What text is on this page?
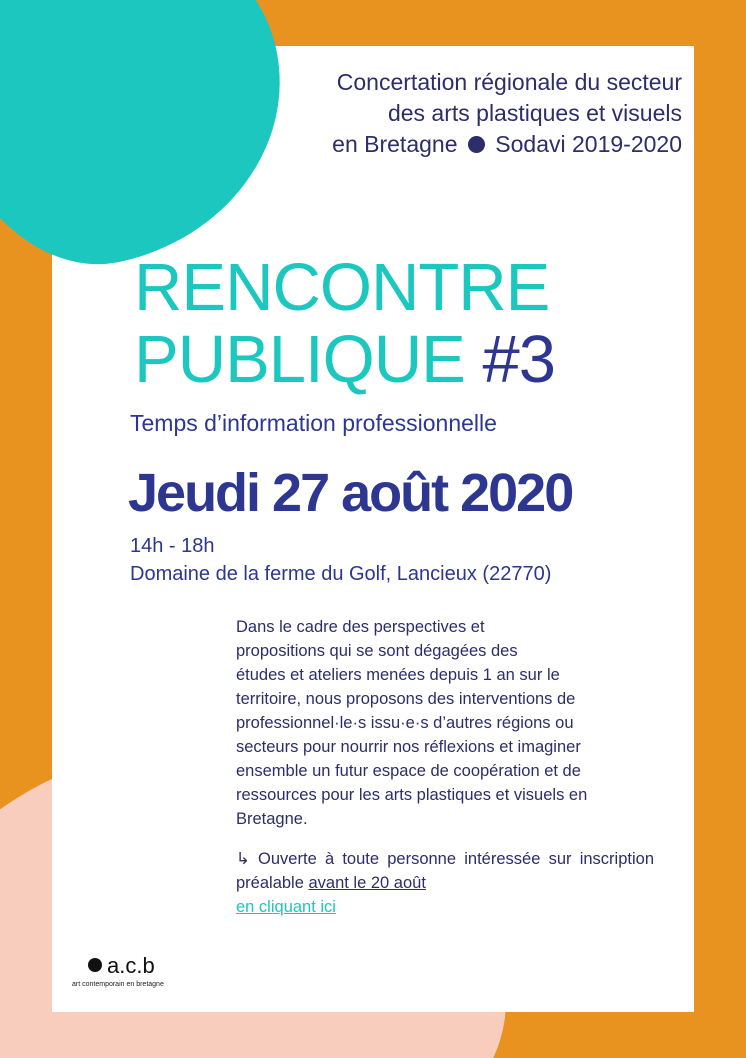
Concertation régionale du secteur
des arts plastiques et visuels
en Bretagne Sodavi 2019-2020
RENCONTRE
PUBLIQUE #3
Temps d’information professionnelle
Jeudi 27 août 2020
14h - 18h
Domaine de la ferme du Golf, Lancieux (22770)
Dans le cadre des perspectives et
propositions qui se sont dégagées des
études et ateliers menées depuis 1 an sur le
territoire, nous proposons des interventions de
professionnel·le·s issu·e·s d’autres régions ou
secteurs pour nourrir nos réflexions et imaginer
ensemble un futur espace de coopération et de
ressources pour les arts plastiques et visuels en
Bretagne.
↳ Ouverte à toute personne intéressée sur inscription préalable avant le 20 août
en cliquant ici
a.c.b
art contemporain en bretagne
